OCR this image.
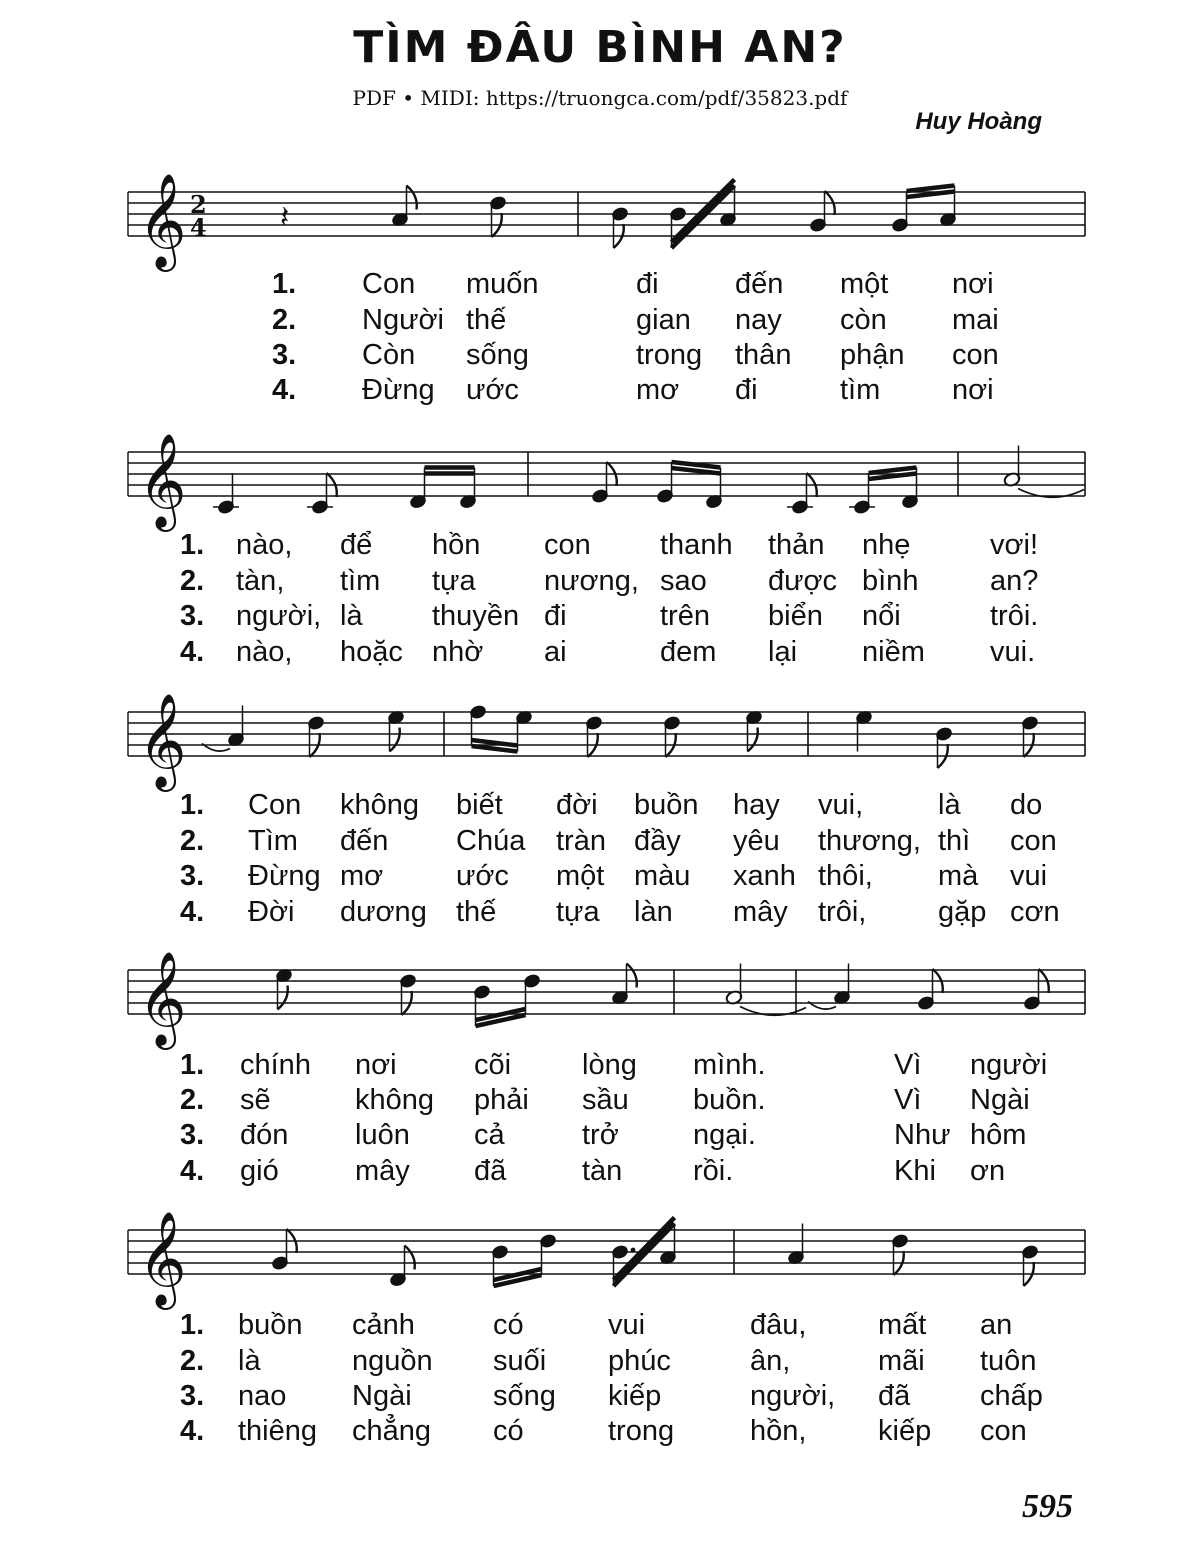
TÌM ĐÂU BÌNH AN?
PDF • MIDI: https://truongca.com/pdf/35823.pdf
Huy Hoàng
𝄞 2
4 𝄽
1. Con muốn	đi	đến một nơi
2. Người thế	gian nay còn mai
3. Còn sống	trong thân phận con
4. Đừng ước	mơ đi	tìm nơi
𝄞
1. nào, để hồn con thanh thản nhẹ	vơi!
2. tàn, tìm tựa nương, sao được bình an?
3. người, là thuyền đi	trên biển nổi	trôi.
4. nào, hoặc nhờ ai	đem lại niềm vui.
𝄞
1. Con không biết đời buồn hay vui,	là do
2. Tìm đến Chúa tràn đầy yêu thương, thì con
3. Đừng mơ	ước một màu xanh thôi, mà vui
4. Đời dương thế tựa làn mây trôi, gặp cơn
𝄞
1. chính nơi	cõi lòng mình.	Vì người
2. sẽ	không phải sầu buồn.	Vì Ngài
3. đón luôn cả	trở	ngại.	Như hôm
4. gió	mây đã	tàn rồi.	Khi ơn
𝄞
1. buồn cảnh	có	vui	đâu, mất an
2. là	nguồn suối phúc	ân,	mãi tuôn
3. nao Ngài	sống kiếp	người, đã chấp
4. thiêng chẳng có	trong	hồn, kiếp con
595
